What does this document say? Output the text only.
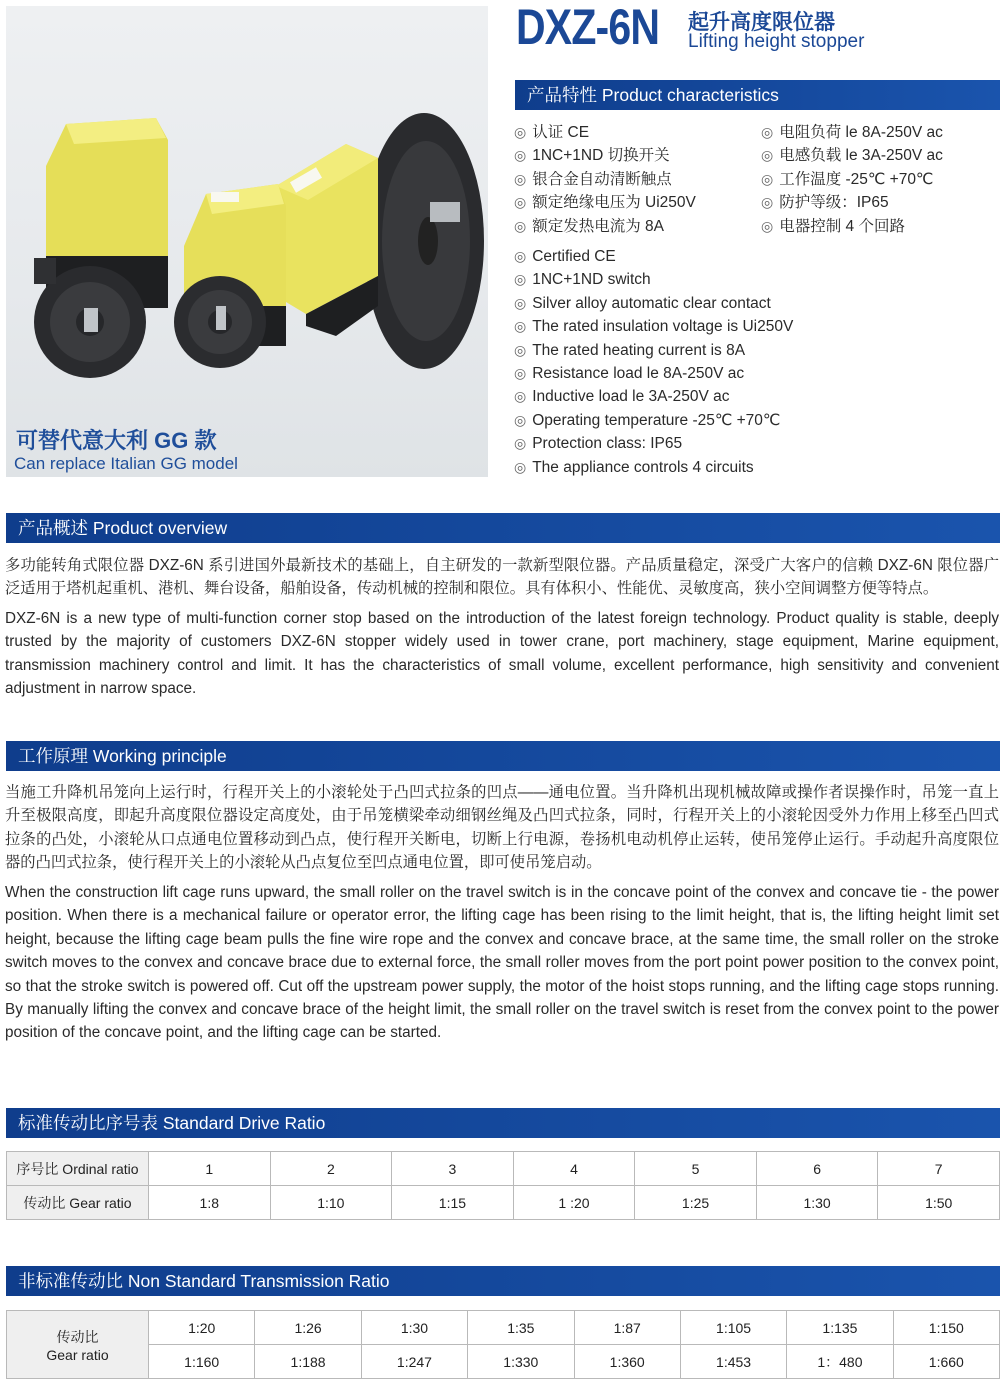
可替代意大利 GG 款
Can replace Italian GG model
DXZ-6N 起升高度限位器
Lifting height stopper
产品特性 Product characteristics
◎ 认证 CE
◎ 1NC+1ND 切换开关
◎ 银合金自动清断触点
◎ 额定绝缘电压为 Ui250V
◎ 额定发热电流为 8A
◎ 电阻负荷 le 8A-250V ac
◎ 电感负载 le 3A-250V ac
◎ 工作温度 -25℃ +70℃
◎ 防护等级：IP65
◎ 电器控制 4 个回路
◎ Certified CE
◎ 1NC+1ND switch
◎ Silver alloy automatic clear contact
◎ The rated insulation voltage is Ui250V
◎ The rated heating current is 8A
◎ Resistance load le 8A-250V ac
◎ Inductive load le 3A-250V ac
◎ Operating temperature -25℃ +70℃
◎ Protection class: IP65
◎ The appliance controls 4 circuits
产品概述 Product overview
多功能转角式限位器 DXZ-6N 系引进国外最新技术的基础上，自主研发的一款新型限位器。产品质量稳定，深受广大客户的信赖 DXZ-6N 限位器广泛适用于塔机起重机、港机、舞台设备，船舶设备，传动机械的控制和限位。具有体积小、性能优、灵敏度高，狭小空间调整方便等特点。
DXZ-6N is a new type of multi-function corner stop based on the introduction of the latest foreign technology. Product quality is stable, deeply trusted by the majority of customers DXZ-6N stopper widely used in tower crane, port machinery, stage equipment, Marine equipment, transmission machinery control and limit. It has the characteristics of small volume, excellent performance, high sensitivity and convenient adjustment in narrow space.
工作原理 Working principle
当施工升降机吊笼向上运行时，行程开关上的小滚轮处于凸凹式拉条的凹点——通电位置。当升降机出现机械故障或操作者误操作时，吊笼一直上升至极限高度，即起升高度限位器设定高度处，由于吊笼横梁牵动细钢丝绳及凸凹式拉条，同时，行程开关上的小滚轮因受外力作用上移至凸凹式拉条的凸处，小滚轮从口点通电位置移动到凸点，使行程开关断电，切断上行电源，卷扬机电动机停止运转，使吊笼停止运行。手动起升高度限位器的凸凹式拉条，使行程开关上的小滚轮从凸点复位至凹点通电位置，即可使吊笼启动。
When the construction lift cage runs upward, the small roller on the travel switch is in the concave point of the convex and concave tie - the power position. When there is a mechanical failure or operator error, the lifting cage has been rising to the limit height, that is, the lifting height limit set height, because the lifting cage beam pulls the fine wire rope and the convex and concave brace, at the same time, the small roller on the stroke switch moves to the convex and concave brace due to external force, the small roller moves from the port point power position to the convex point, so that the stroke switch is powered off. Cut off the upstream power supply, the motor of the hoist stops running, and the lifting cage stops running. By manually lifting the convex and concave brace of the height limit, the small roller on the travel switch is reset from the convex point to the power position of the concave point, and the lifting cage can be started.
标准传动比序号表 Standard Drive Ratio
序号比 Ordinal ratio	1	2	3	4	5	6	7
传动比 Gear ratio	1:8	1:10	1:15	1 :20	1:25	1:30	1:50
非标准传动比 Non Standard Transmission Ratio
传动比
Gear ratio	1:20	1:26	1:30	1:35	1:87	1:105	1:135	1:150
	1:160	1:188	1:247	1:330	1:360	1:453	1：480	1:660
